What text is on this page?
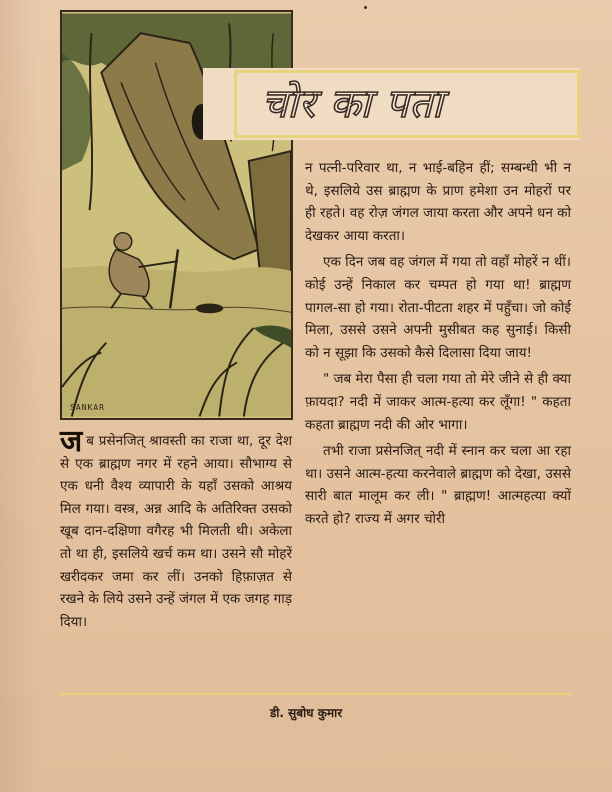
SANKAR
चोर का पता

जब प्रसेनजित् श्रावस्ती का राजा था, दूर देश से एक ब्राह्मण नगर में रहने आया। सौभाग्य से एक धनी वैश्य व्यापारी के यहाँ उसको आश्रय मिल गया। वस्त्र, अन्न आदि के अतिरिक्त उसको खूब दान-दक्षिणा वगैरह भी मिलती थी। अकेला तो था ही, इसलिये खर्च कम था। उसने सौ मोहरें खरीदकर जमा कर लीं। उनको हिफ़ाज़त से रखने के लिये उसने उन्हें जंगल में एक जगह गाड़ दिया।

न पत्नी-परिवार था, न भाई-बहिन हीं; सम्बन्धी भी न थे, इसलिये उस ब्राह्मण के प्राण हमेशा उन मोहरों पर ही रहते। वह रोज़ जंगल जाया करता और अपने धन को देखकर आया करता।

एक दिन जब वह जंगल में गया तो वहाँ मोहरें न थीं। कोई उन्हें निकाल कर चम्पत हो गया था! ब्राह्मण पागल-सा हो गया। रोता-पीटता शहर में पहुँचा। जो कोई मिला, उससे उसने अपनी मुसीबत कह सुनाई। किसी को न सूझा कि उसको कैसे दिलासा दिया जाय!

" जब मेरा पैसा ही चला गया तो मेरे जीने से ही क्या फ़ायदा? नदी में जाकर आत्म-हत्या कर लूँगा! " कहता कहता ब्राह्मण नदी की ओर भागा।

तभी राजा प्रसेनजित् नदी में स्नान कर चला आ रहा था। उसने आत्म-हत्या करनेवाले ब्राह्मण को देखा, उससे सारी बात मालूम कर ली। " ब्राह्मण! आत्महत्या क्यों करते हो? राज्य में अगर चोरी

डी. सुबोध कुमार
